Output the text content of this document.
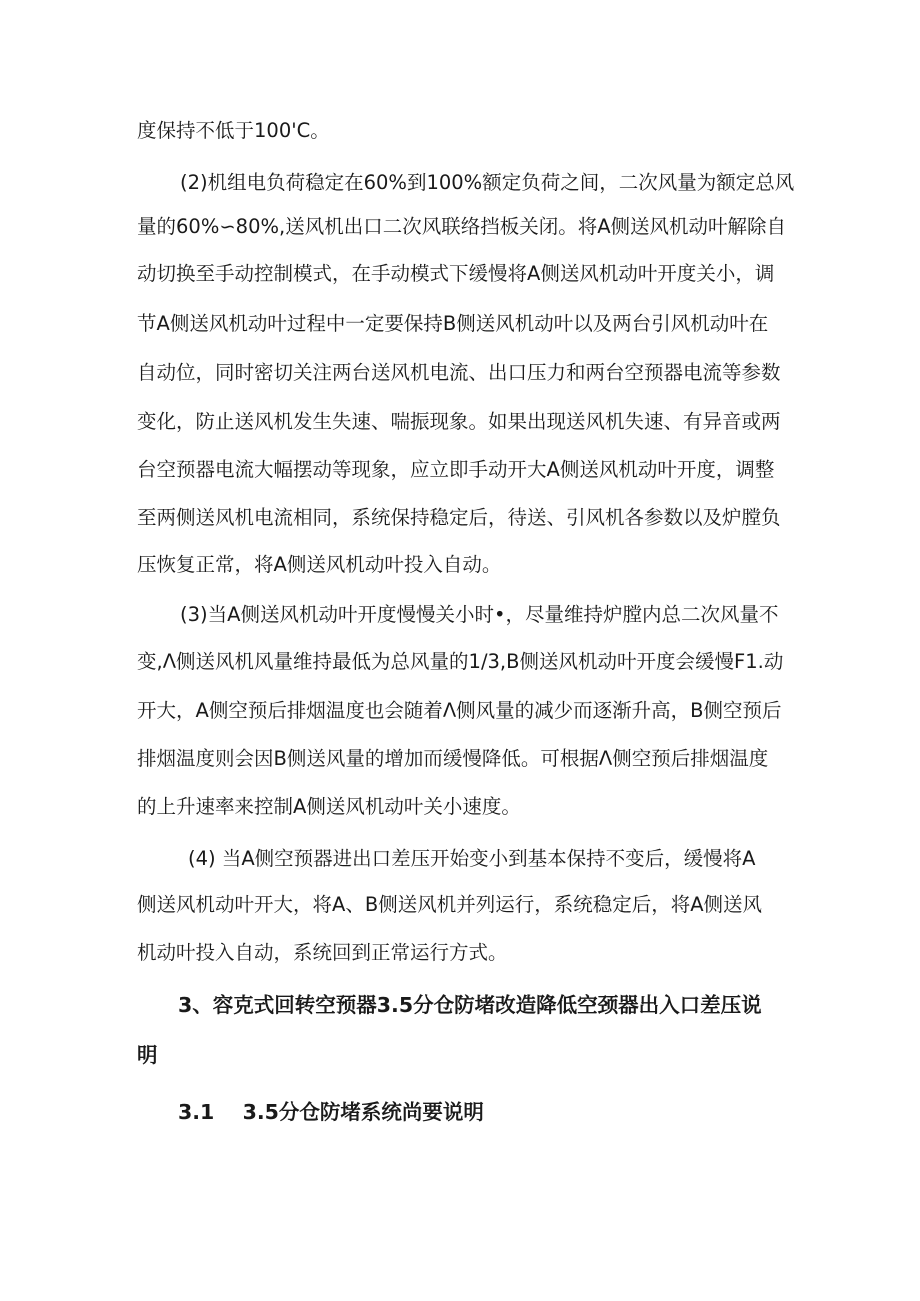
度保持不低于100'C。
(2)机组电负荷稳定在60%到100%额定负荷之间，二次风量为额定总风
量的60%∽80%,送风机出口二次风联络挡板关闭。将A侧送风机动叶解除自
动切换至手动控制模式，在手动模式下缓慢将A侧送风机动叶开度关小，调
节A侧送风机动叶过程中一定要保持B侧送风机动叶以及两台引风机动叶在
自动位，同时密切关注两台送风机电流、出口压力和两台空预器电流等参数
变化，防止送风机发生失速、喘振现象。如果出现送风机失速、有异音或两
台空预器电流大幅摆动等现象，应立即手动开大A侧送风机动叶开度，调整
至两侧送风机电流相同，系统保持稳定后，待送、引风机各参数以及炉膛负
压恢复正常，将A侧送风机动叶投入自动。
(3)当A侧送风机动叶开度慢慢关小时•，尽量维持炉膛内总二次风量不
变,Λ侧送风机风量维持最低为总风量的1/3,B侧送风机动叶开度会缓慢F1.动
开大，A侧空预后排烟温度也会随着Λ侧风量的减少而逐渐升高，B侧空预后
排烟温度则会因B侧送风量的增加而缓慢降低。可根据Λ侧空预后排烟温度
的上升速率来控制A侧送风机动叶关小速度。
(4) 当A侧空预器进出口差压开始变小到基本保持不变后，缓慢将A
侧送风机动叶开大，将A、B侧送风机并列运行，系统稳定后，将A侧送风
机动叶投入自动，系统回到正常运行方式。
3、容克式回转空预器3.5分仓防堵改造降低空颈器出入口差压说
明
3.1 3.5分仓防堵系统尚要说明
